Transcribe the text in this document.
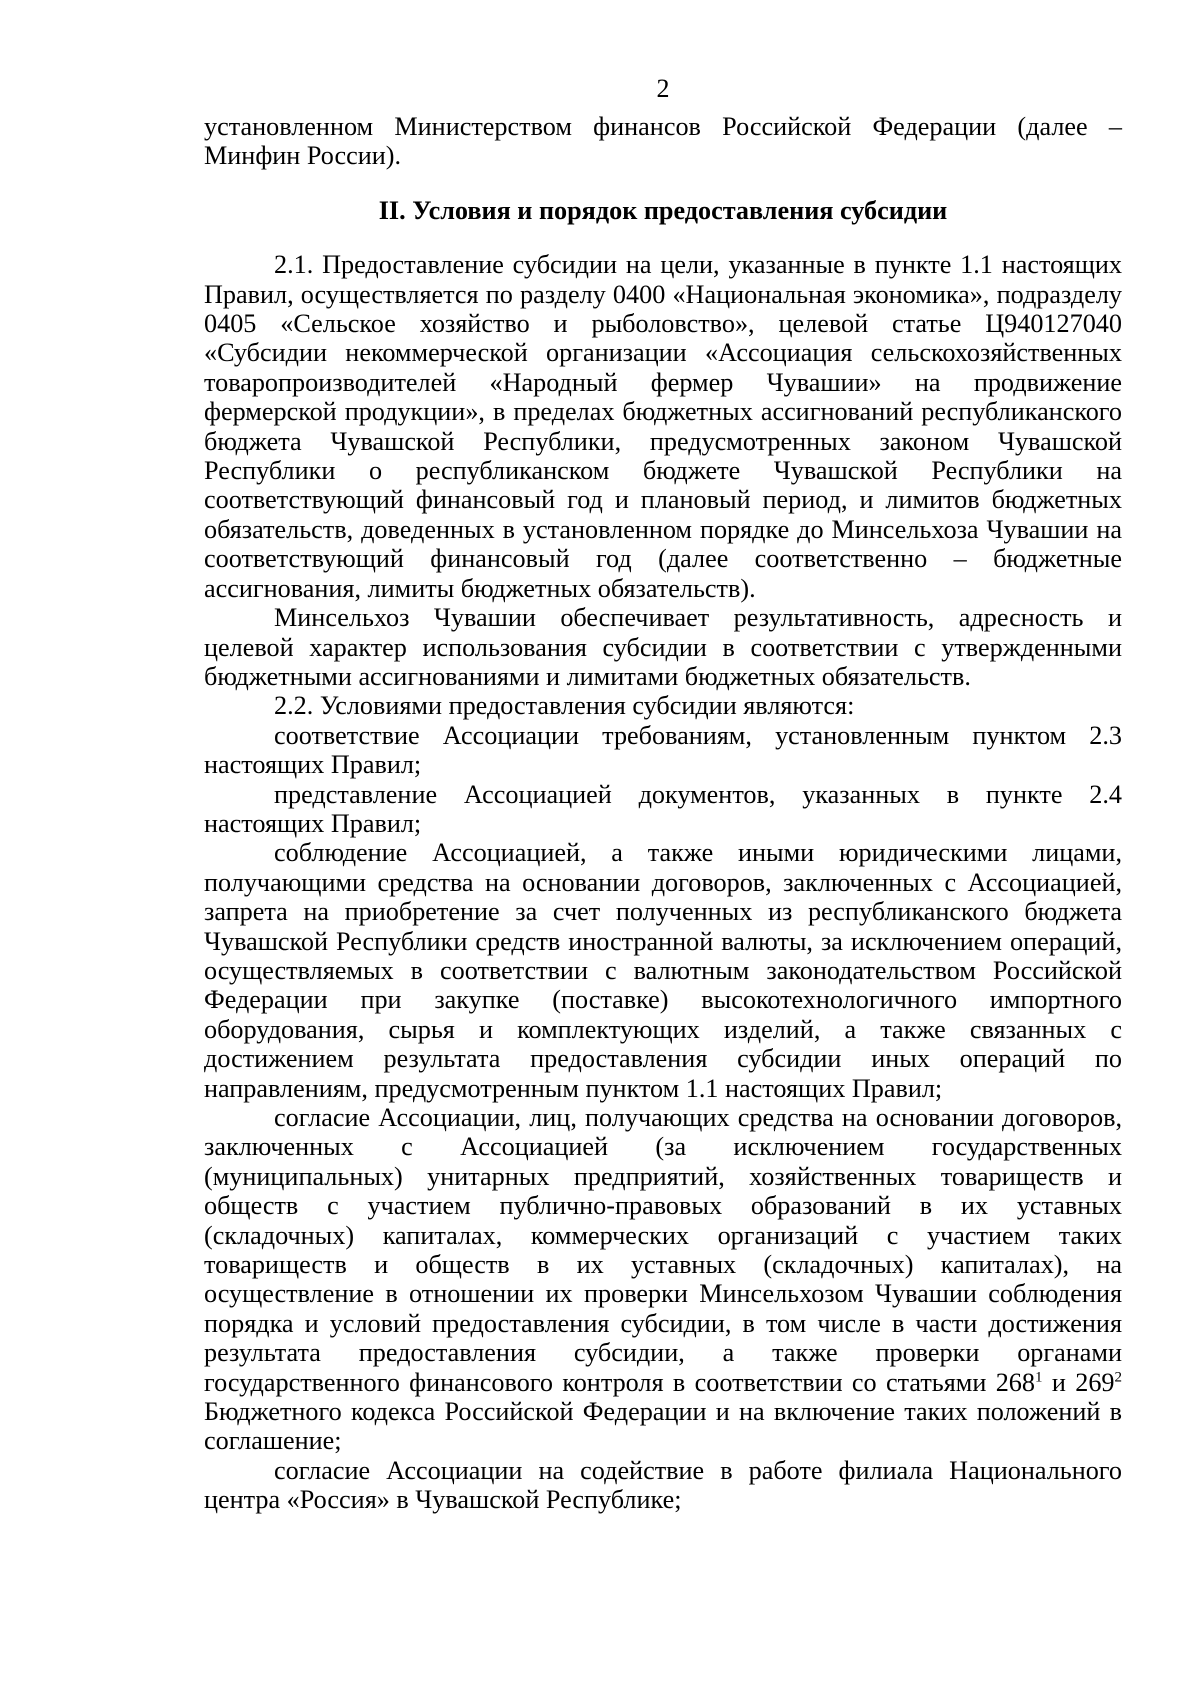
2

установленном Министерством финансов Российской Федерации (далее – Минфин России).

II. Условия и порядок предоставления субсидии

2.1. Предоставление субсидии на цели, указанные в пункте 1.1 настоящих Правил, осуществляется по разделу 0400 «Национальная экономика», подразделу 0405 «Сельское хозяйство и рыболовство», целевой статье Ц940127040 «Субсидии некоммерческой организации «Ассоциация сельскохозяйственных товаропроизводителей «Народный фермер Чувашии» на продвижение фермерской продукции», в пределах бюджетных ассигнований республиканского бюджета Чувашской Республики, предусмотренных законом Чувашской Республики о республиканском бюджете Чувашской Республики на соответствующий финансовый год и плановый период, и лимитов бюджетных обязательств, доведенных в установленном порядке до Минсельхоза Чувашии на соответствующий финансовый год (далее соответственно – бюджетные ассигнования, лимиты бюджетных обязательств).

Минсельхоз Чувашии обеспечивает результативность, адресность и целевой характер использования субсидии в соответствии с утвержденными бюджетными ассигнованиями и лимитами бюджетных обязательств.

2.2. Условиями предоставления субсидии являются:

соответствие Ассоциации требованиям, установленным пунктом 2.3 настоящих Правил;

представление Ассоциацией документов, указанных в пункте 2.4 настоящих Правил;

соблюдение Ассоциацией, а также иными юридическими лицами, получающими средства на основании договоров, заключенных с Ассоциацией, запрета на приобретение за счет полученных из республиканского бюджета Чувашской Республики средств иностранной валюты, за исключением операций, осуществляемых в соответствии с валютным законодательством Российской Федерации при закупке (поставке) высокотехнологичного импортного оборудования, сырья и комплектующих изделий, а также связанных с достижением результата предоставления субсидии иных операций по направлениям, предусмотренным пунктом 1.1 настоящих Правил;

согласие Ассоциации, лиц, получающих средства на основании договоров, заключенных с Ассоциацией (за исключением государственных (муниципальных) унитарных предприятий, хозяйственных товариществ и обществ с участием публично-правовых образований в их уставных (складочных) капиталах, коммерческих организаций с участием таких товариществ и обществ в их уставных (складочных) капиталах), на осуществление в отношении их проверки Минсельхозом Чувашии соблюдения порядка и условий предоставления субсидии, в том числе в части достижения результата предоставления субсидии, а также проверки органами государственного финансового контроля в соответствии со статьями $268^1$ и $269^2$ Бюджетного кодекса Российской Федерации и на включение таких положений в соглашение;

согласие Ассоциации на содействие в работе филиала Национального центра «Россия» в Чувашской Республике;
